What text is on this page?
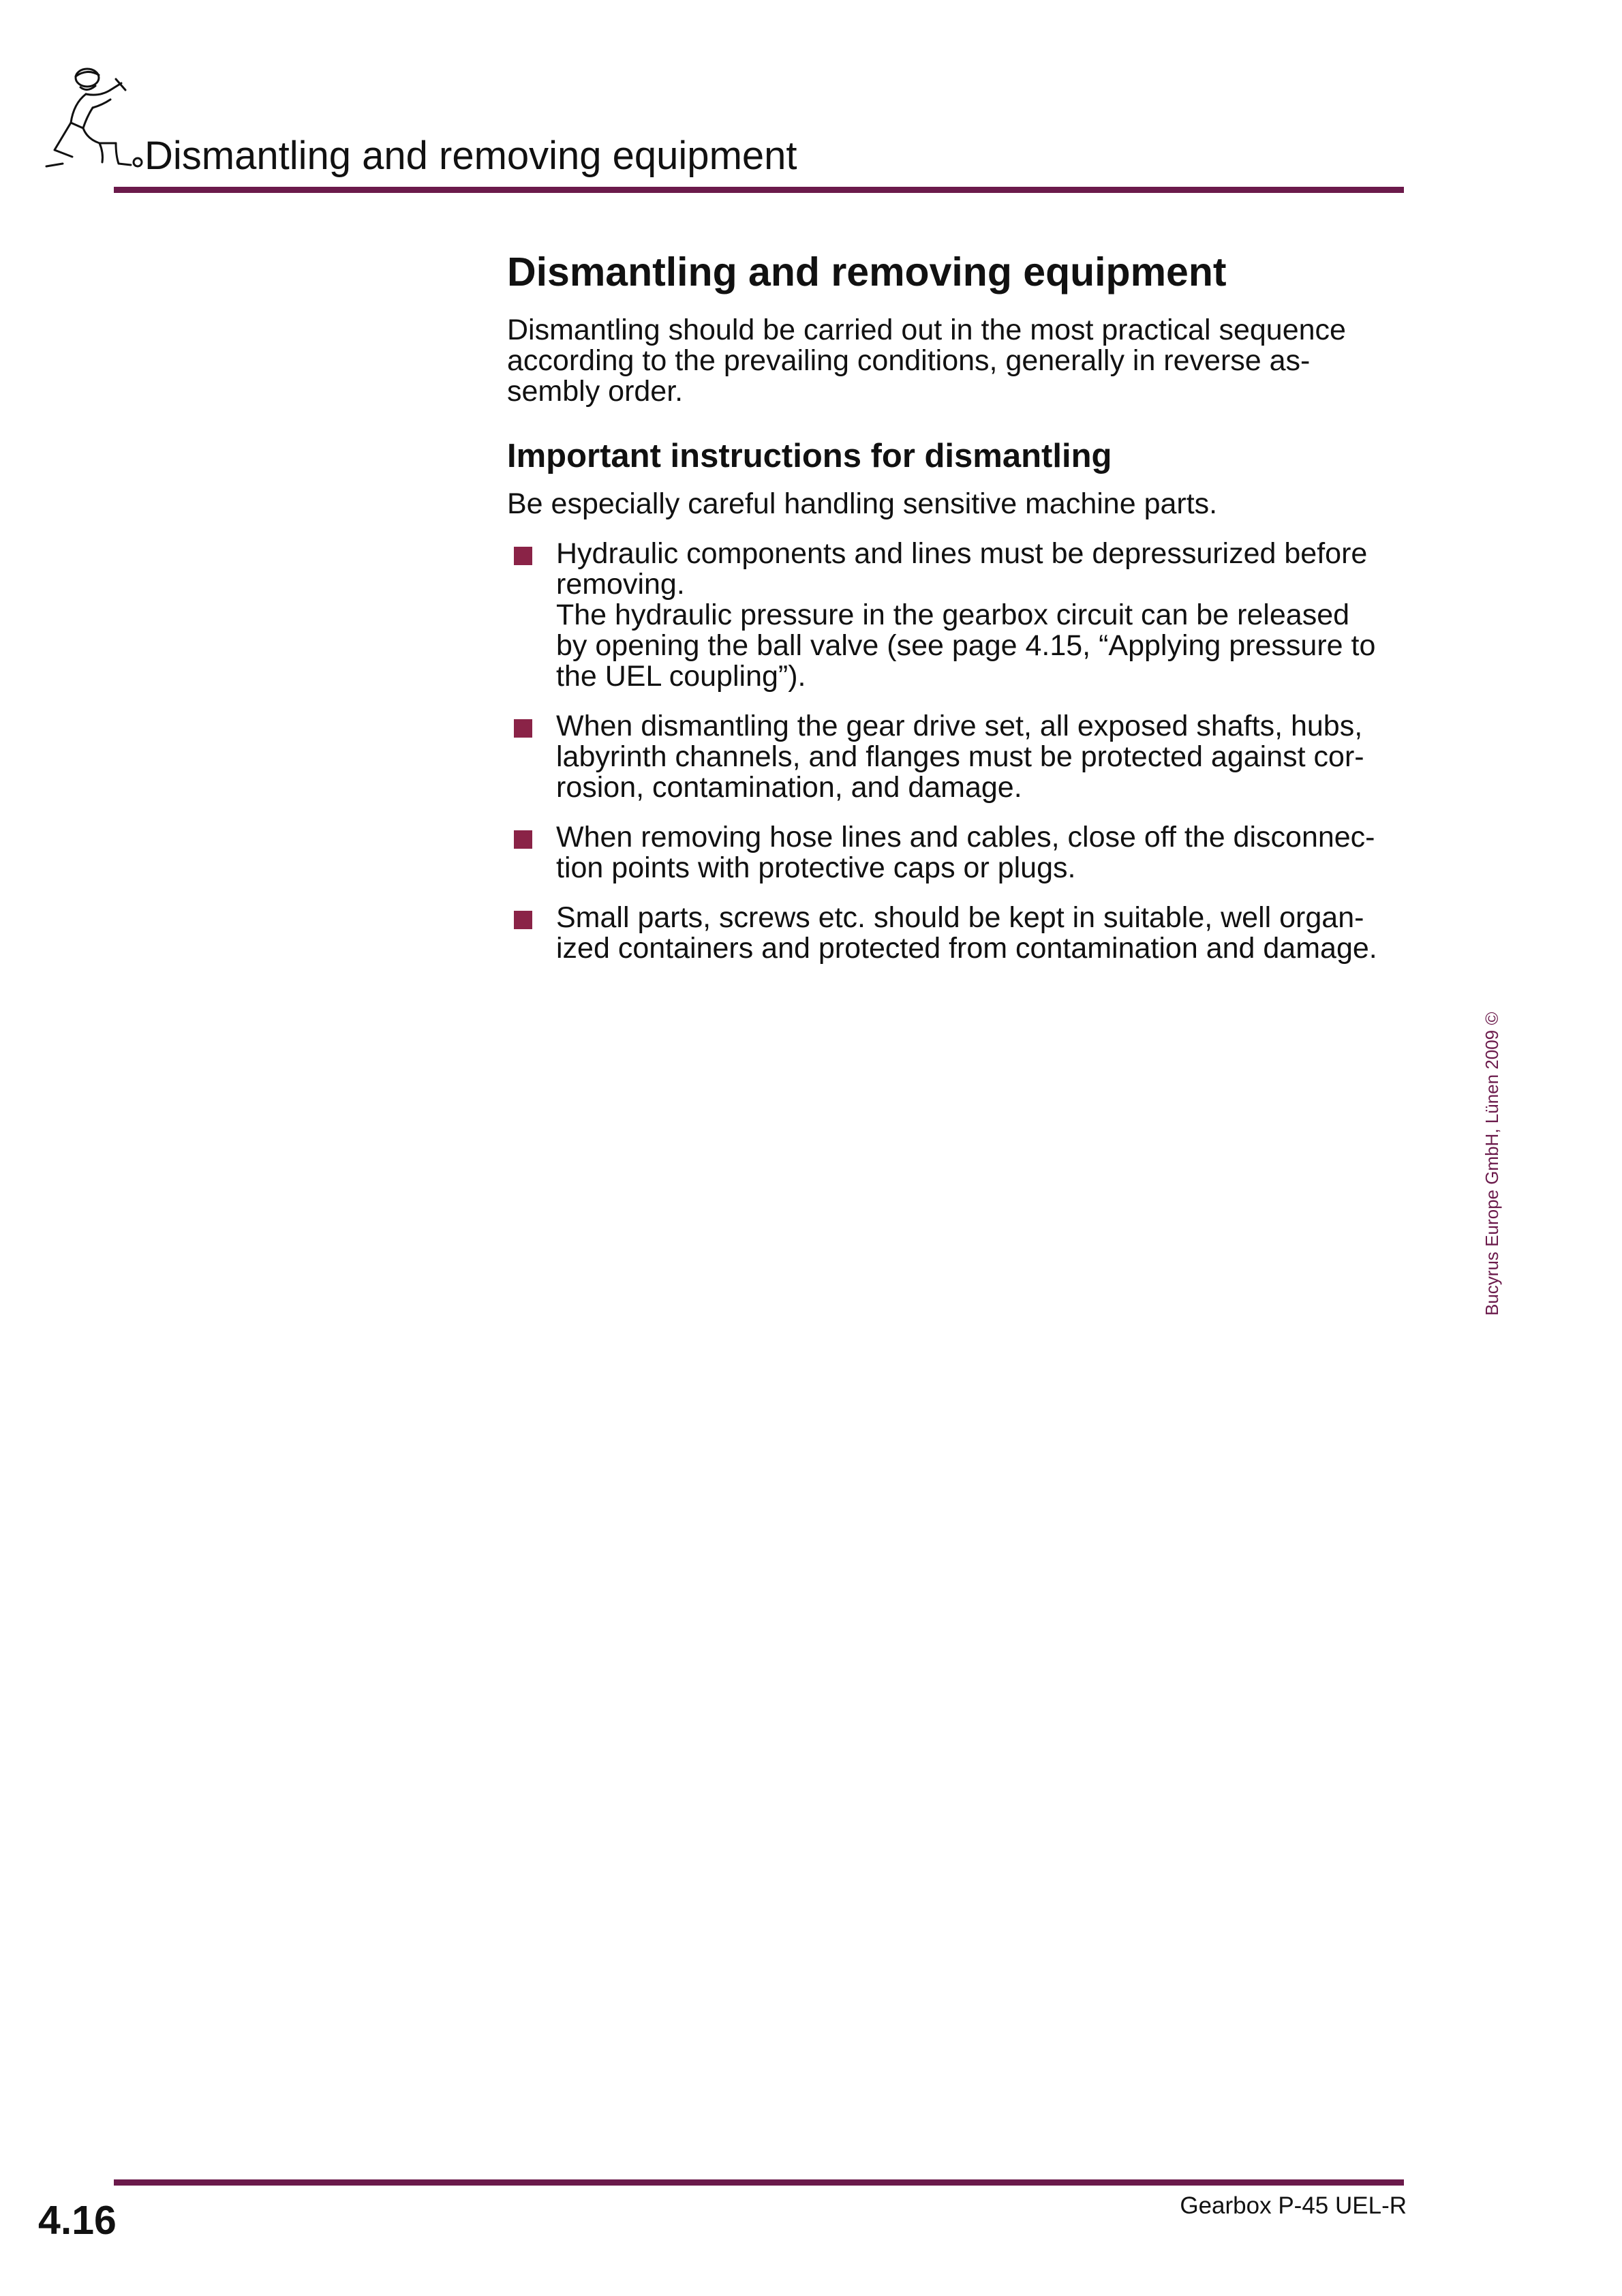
Dismantling and removing equipment
Dismantling and removing equipment

Dismantling should be carried out in the most practical sequence
according to the prevailing conditions, generally in reverse as-
sembly order.

Important instructions for dismantling

Be especially careful handling sensitive machine parts.

Hydraulic components and lines must be depressurized before
removing.
The hydraulic pressure in the gearbox circuit can be released
by opening the ball valve (see page 4.15, “Applying pressure to
the UEL coupling”).
When dismantling the gear drive set, all exposed shafts, hubs,
labyrinth channels, and flanges must be protected against cor-
rosion, contamination, and damage.
When removing hose lines and cables, close off the disconnec-
tion points with protective caps or plugs.
Small parts, screws etc. should be kept in suitable, well organ-
ized containers and protected from contamination and damage.
Bucyrus Europe GmbH, Lünen 2009 ©
4.16	Gearbox P-45 UEL-R
